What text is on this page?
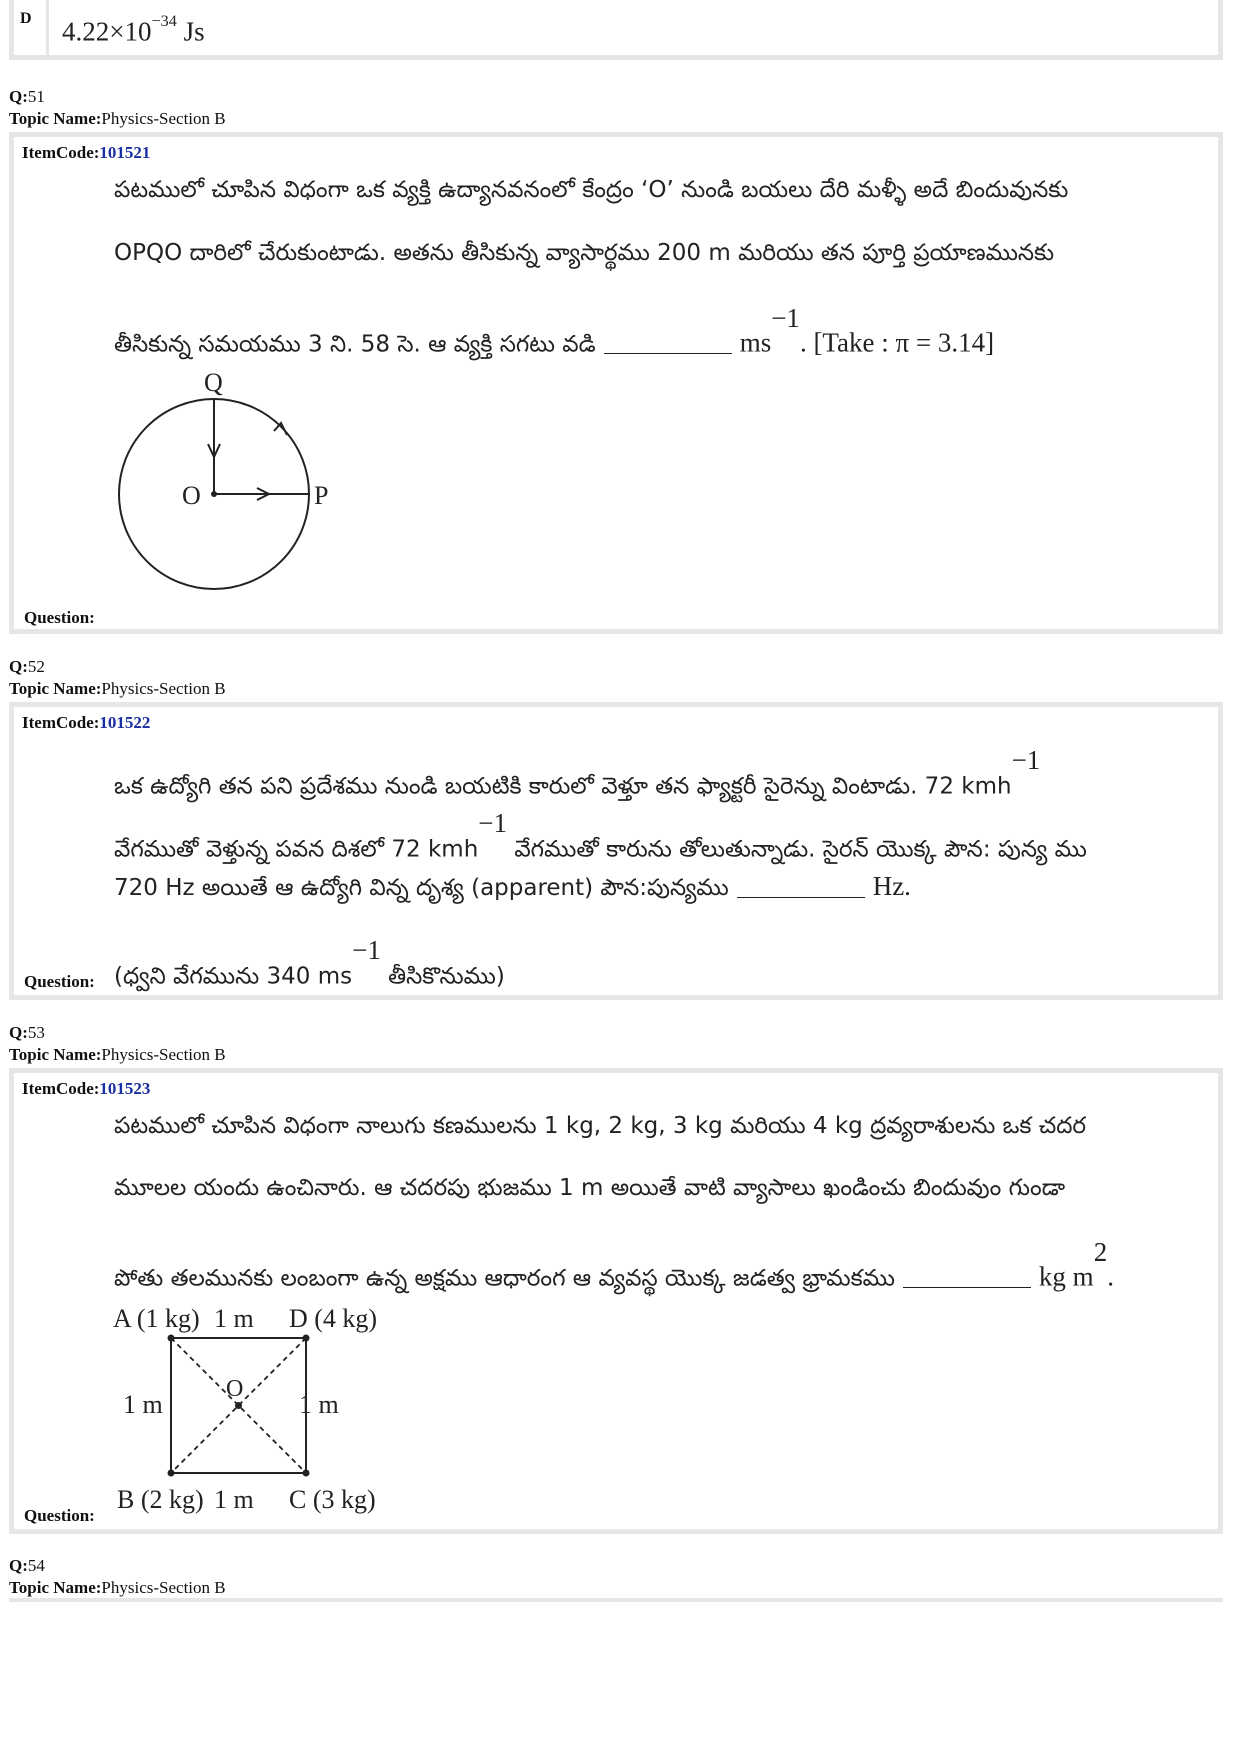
D $4.22\times 10^{-34}$ Js
Q:51
Topic Name:Physics-Section B
ItemCode:101521
పటములో చూపిన విధంగా ఒక వ్యక్తి ఉద్యానవనంలో కేంద్రం ‘O’ నుండి బయలు దేరి మళ్ళీ అదే బిందువునకు
OPQO దారిలో చేరుకుంటాడు. అతను తీసికున్న వ్యాసార్థము 200 m మరియు తన పూర్తి ప్రయాణమునకు
తీసికున్న సమయము 3 ని. 58 సె. ఆ వ్యక్తి సగటు వడి	$ms^{-1}$. [Take : π = 3.14]
Q
O	P
Question:
Q:52
Topic Name:Physics-Section B
ItemCode:101522
ఒక ఉద్యోగి తన పని ప్రదేశము నుండి బయటికి కారులో వెళ్తూ తన ఫ్యాక్టరీ సైరెన్ను వింటాడు. 72 kmh$^{-1}$
వేగముతో వెళ్తున్న పవన దిశలో 72 kmh$^{-1}$ వేగముతో కారును తోలుతున్నాడు. సైరన్ యొక్క పౌన: పున్య ము
720 Hz అయితే ఆ ఉద్యోగి విన్న దృశ్య (apparent) పౌన:పున్యము	Hz.
(ధ్వని వేగమును 340 $ms^{-1}$ తీసికొనుము)
Question:
Q:53
Topic Name:Physics-Section B
ItemCode:101523
పటములో చూపిన విధంగా నాలుగు కణములను 1 kg, 2 kg, 3 kg మరియు 4 kg ద్రవ్యరాశులను ఒక చదర
మూలల యందు ఉంచినారు. ఆ చదరపు భుజము 1 m అయితే వాటి వ్యాసాలు ఖండించు బిందువుం గుండా
పోతు తలమునకు లంబంగా ఉన్న అక్షము ఆధారంగ ఆ వ్యవస్థ యొక్క జడత్వ భ్రామకము	kg $m^2$.
A (1 kg) 1 m D (4 kg)
1 m
O
1 m
B (2 kg) 1 m C (3 kg)
Question:
Q:54
Topic Name:Physics-Section B
